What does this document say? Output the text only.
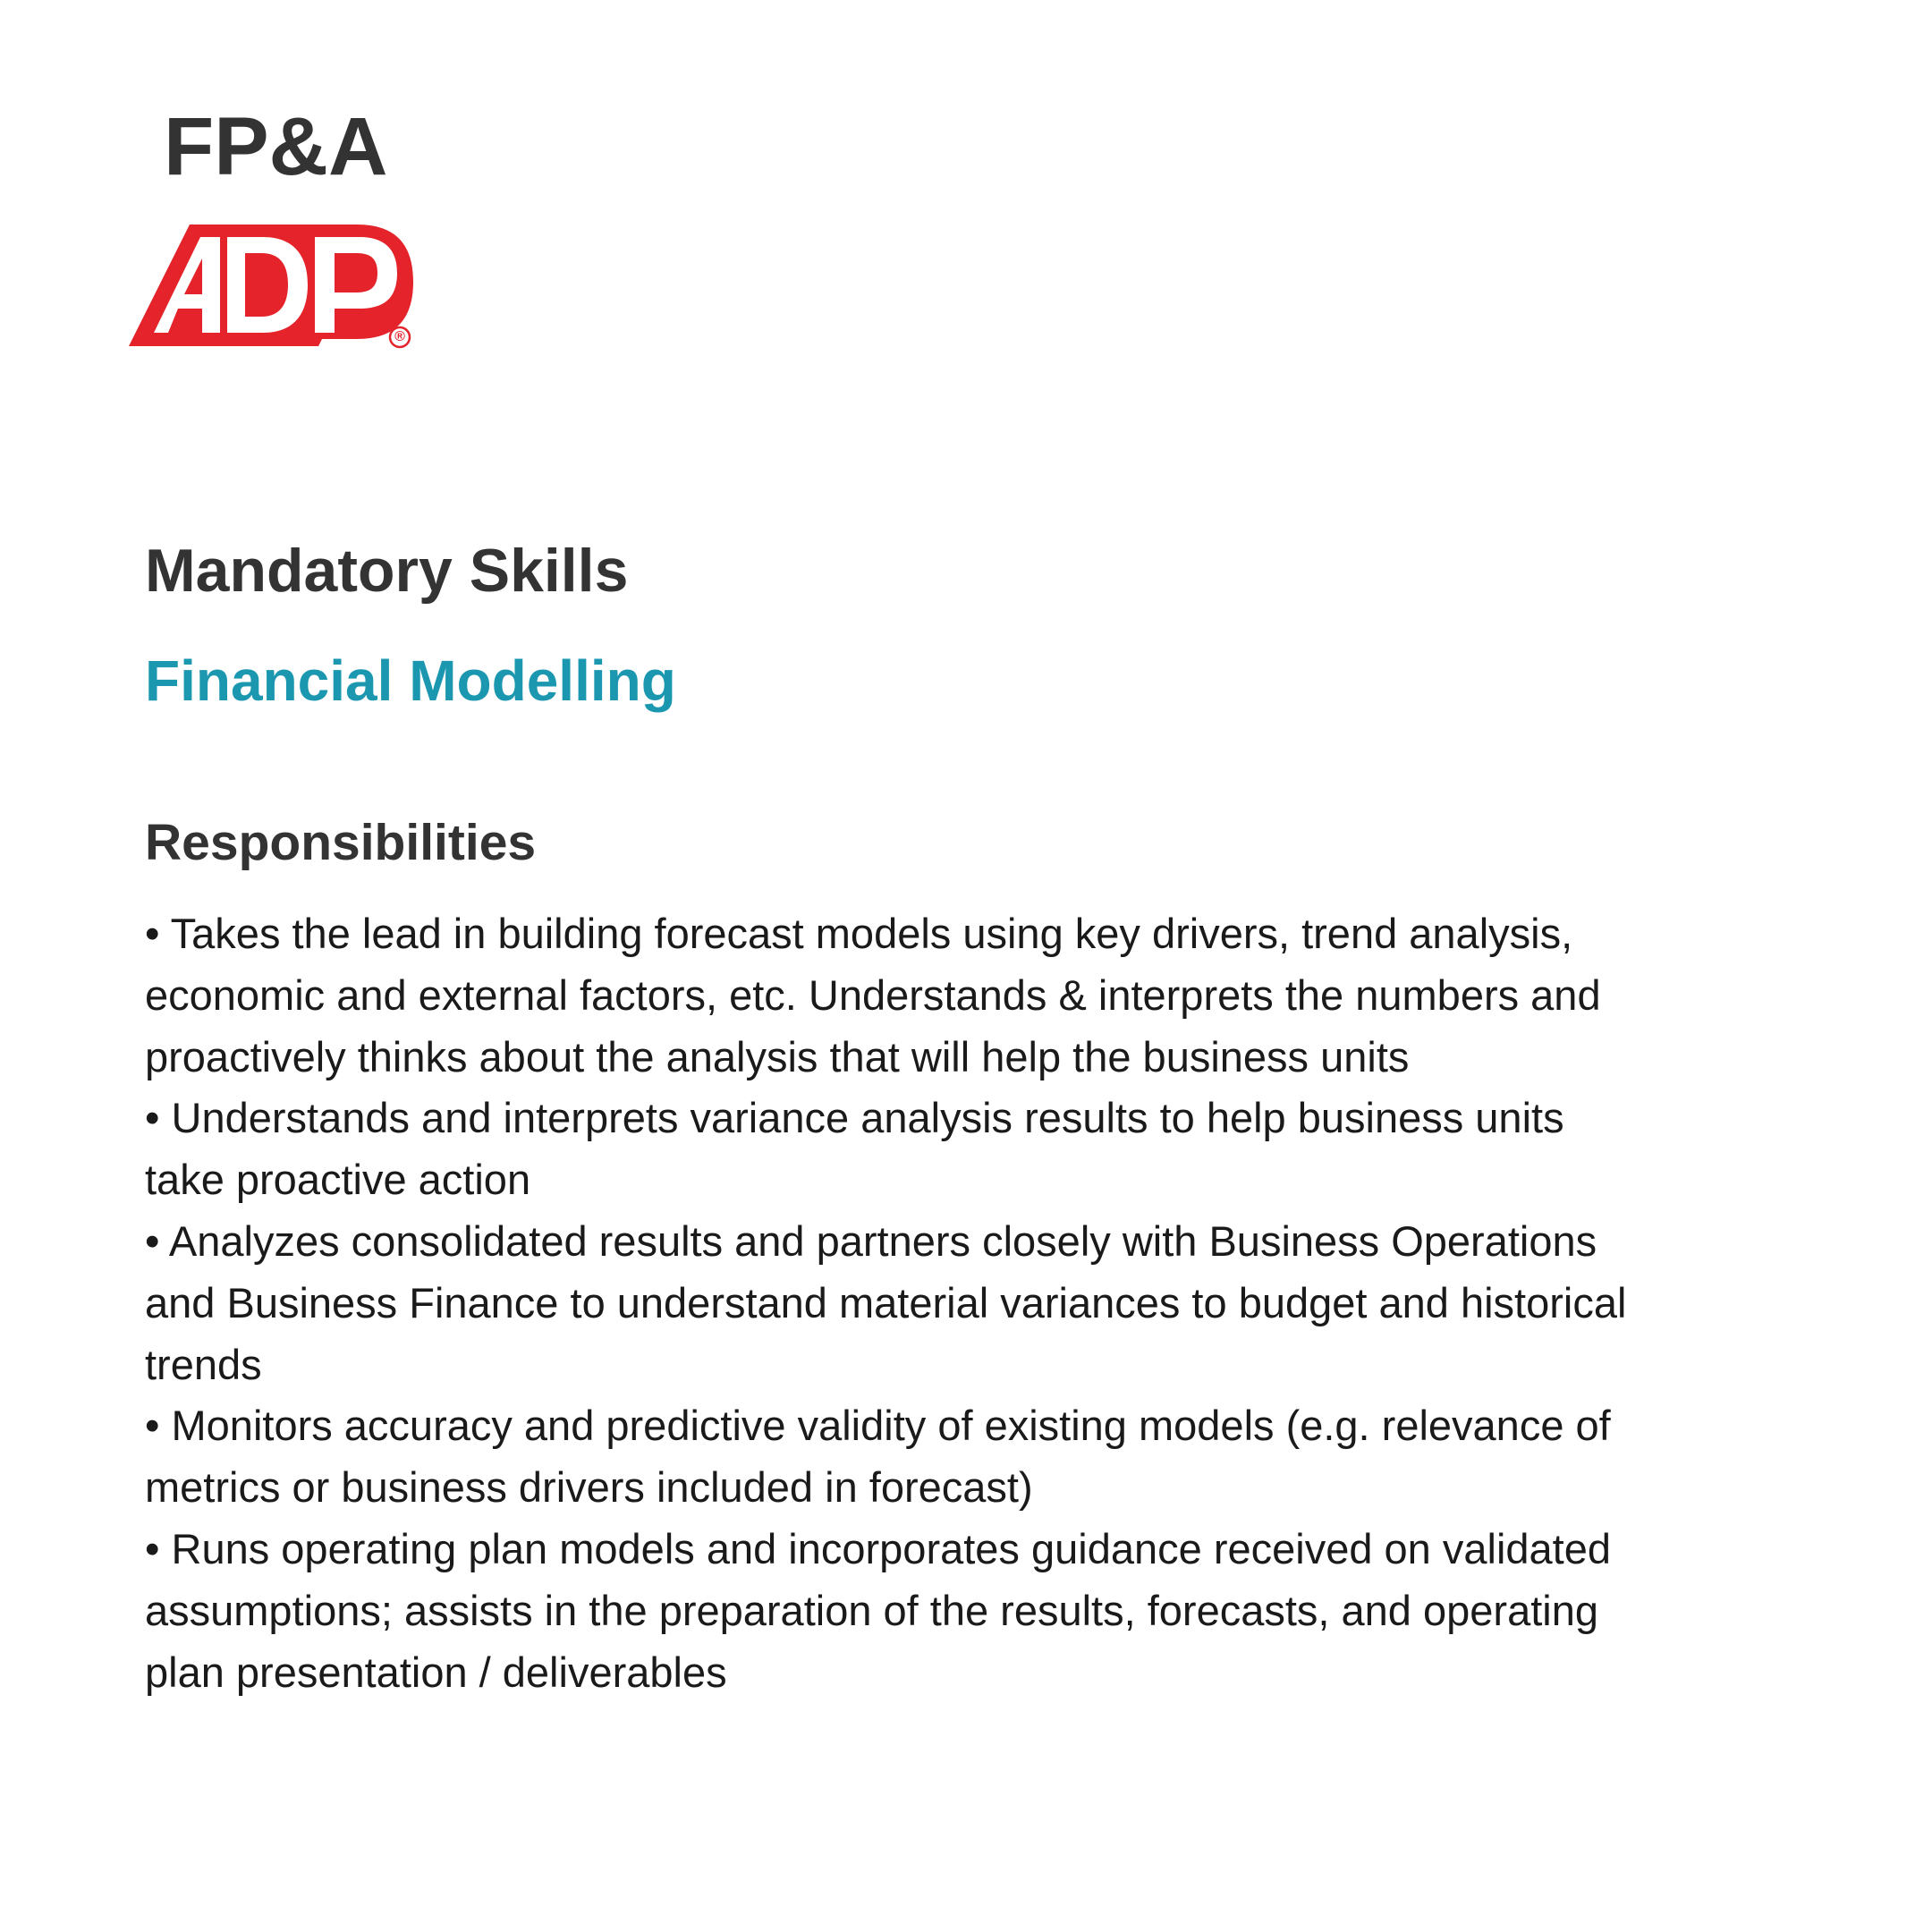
FP&A
®
Mandatory Skills
Financial Modelling
Responsibilities
• Takes the lead in building forecast models using key drivers, trend analysis, economic and external factors, etc. Understands & interprets the numbers and proactively thinks about the analysis that will help the business units
• Understands and interprets variance analysis results to help business units take proactive action
• Analyzes consolidated results and partners closely with Business Operations and Business Finance to understand material variances to budget and historical trends
• Monitors accuracy and predictive validity of existing models (e.g. relevance of metrics or business drivers included in forecast)
• Runs operating plan models and incorporates guidance received on validated assumptions; assists in the preparation of the results, forecasts, and operating plan presentation / deliverables
